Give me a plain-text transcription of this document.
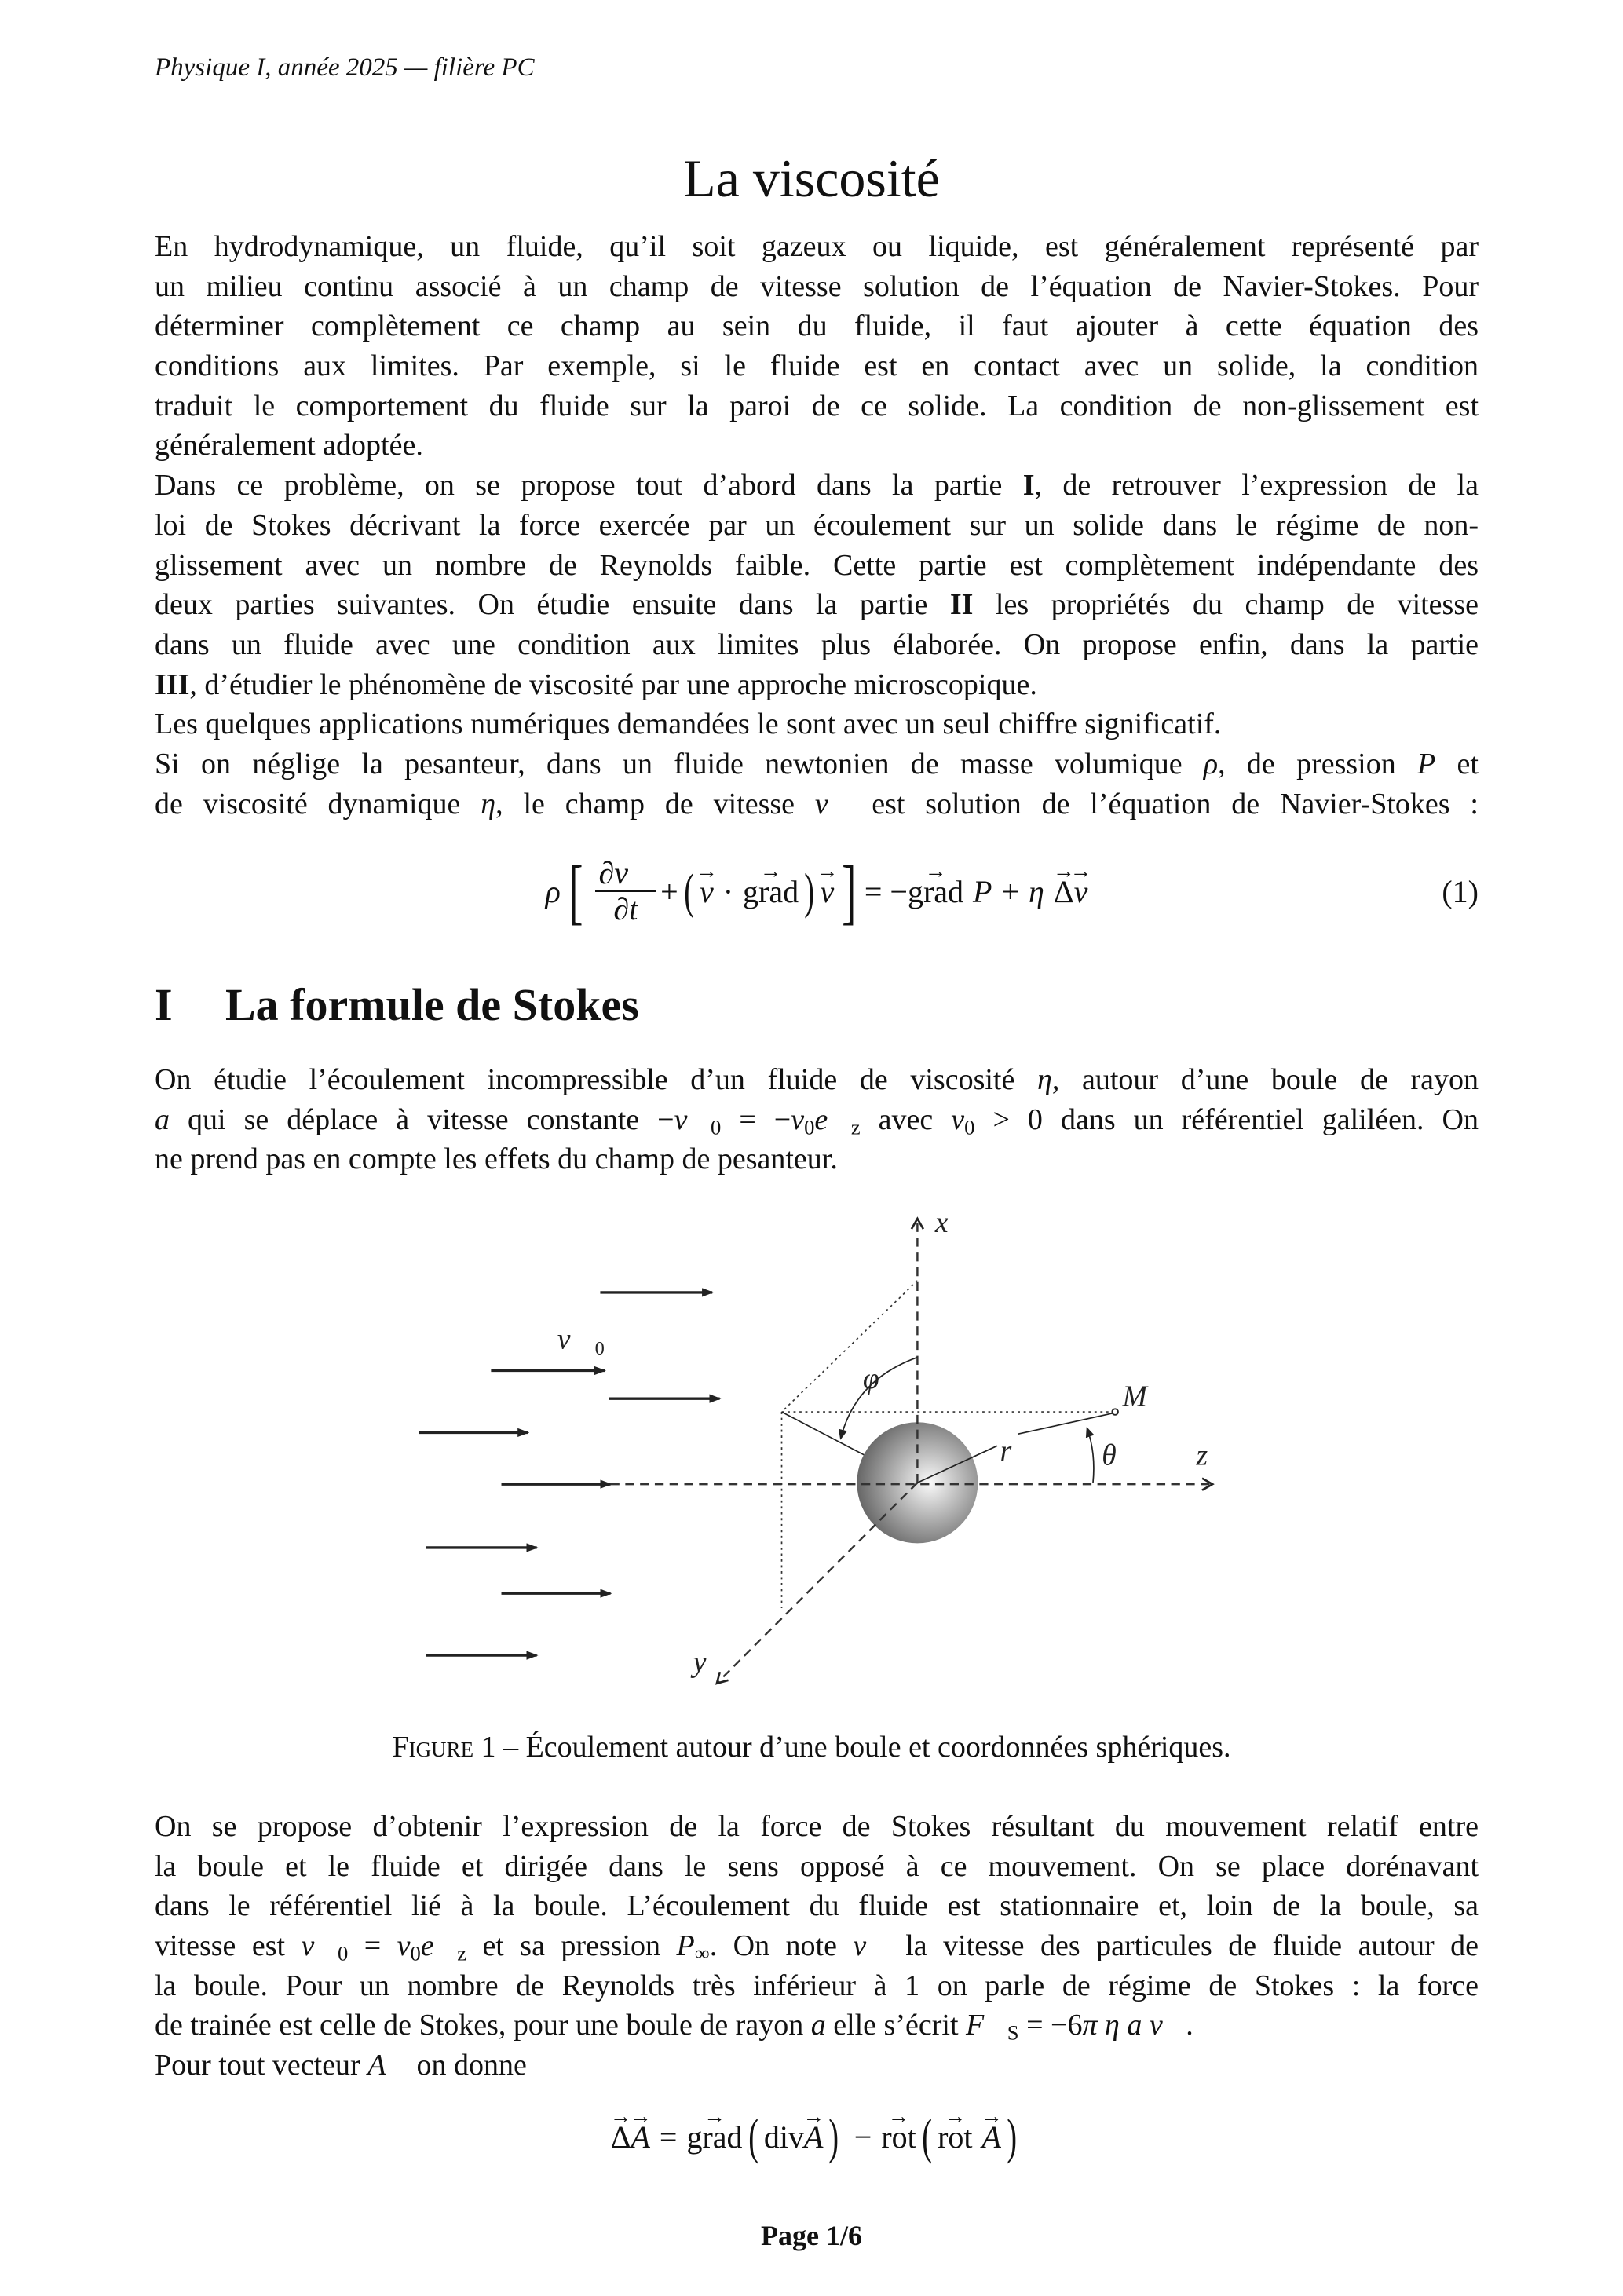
Physique I, année 2025 — filière PC
La viscosité
En hydrodynamique, un fluide, qu’il soit gazeux ou liquide, est généralement représenté par
un milieu continu associé à un champ de vitesse solution de l’équation de Navier-Stokes. Pour
déterminer complètement ce champ au sein du fluide, il faut ajouter à cette équation des
conditions aux limites. Par exemple, si le fluide est en contact avec un solide, la condition
traduit le comportement du fluide sur la paroi de ce solide. La condition de non-glissement est
généralement adoptée.
Dans ce problème, on se propose tout d’abord dans la partie I, de retrouver l’expression de la
loi de Stokes décrivant la force exercée par un écoulement sur un solide dans le régime de non-
glissement avec un nombre de Reynolds faible. Cette partie est complètement indépendante des
deux parties suivantes. On étudie ensuite dans la partie II les propriétés du champ de vitesse
dans un fluide avec une condition aux limites plus élaborée. On propose enfin, dans la partie
III, d’étudier le phénomène de viscosité par une approche microscopique.
Les quelques applications numériques demandées le sont avec un seul chiffre significatif.
Si on néglige la pesanteur, dans un fluide newtonien de masse volumique ρ, de pression P et
de viscosité dynamique η, le champ de vitesse v⃗ est solution de l’équation de Navier-Stokes :
ρ [ $\frac{\partial v⃗}{\partial t}$ + ( v → · grad → ) v → ] = − grad → P + η Δ → v →	(1)
I La formule de Stokes
On étudie l’écoulement incompressible d’un fluide de viscosité η, autour d’une boule de rayon
a qui se déplace à vitesse constante $-v⃗_0$ = $-v_0e⃗_z$ avec $v_0 > 0$ dans un référentiel galiléen. On
ne prend pas en compte les effets du champ de pesanteur.
x
z
y
v⃗ $_0$
φ
M
r	θ
Figure 1 – Écoulement autour d’une boule et coordonnées sphériques.
On se propose d’obtenir l’expression de la force de Stokes résultant du mouvement relatif entre
la boule et le fluide et dirigée dans le sens opposé à ce mouvement. On se place dorénavant
dans le référentiel lié à la boule. L’écoulement du fluide est stationnaire et, loin de la boule, sa
vitesse est $v⃗_0$ = $v_0e⃗_z$ et sa pression $P_\infty$. On note v⃗ la vitesse des particules de fluide autour de
la boule. Pour un nombre de Reynolds très inférieur à 1 on parle de régime de Stokes : la force
de trainée est celle de Stokes, pour une boule de rayon a elle s’écrit $F⃗_S = -6\pi$ η a v⃗.
Pour tout vecteur A⃗ on donne
Δ → A → = grad → ( div A → ) − rot → ( rot → A → )
Page 1/6
